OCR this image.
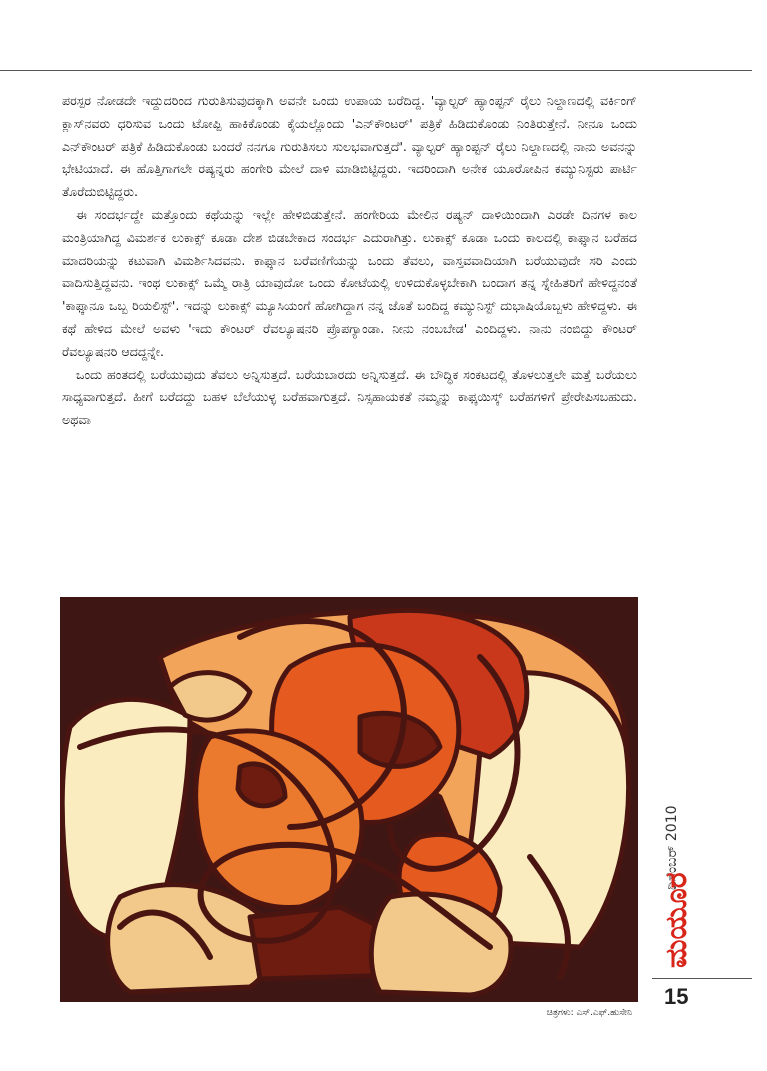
ಪರಸ್ಪರ ನೋಡದೇ ಇದ್ದುದರಿಂದ ಗುರುತಿಸುವುದಕ್ಕಾಗಿ ಅವನೇ ಒಂದು ಉಪಾಯ ಬರೆದಿದ್ದ. 'ವ್ಯಾಲ್ಟರ್ ಹ್ಯಾಂಪ್ಟನ್ ರೈಲು ನಿಲ್ದಾಣದಲ್ಲಿ ವರ್ಕಿಂಗ್ ಕ್ಲಾಸ್‌ನವರು ಧರಿಸುವ ಒಂದು ಟೋಪ್ಪಿ ಹಾಕಿಕೊಂಡು ಕೈಯಲ್ಲೊಂದು 'ಎನ್‌ಕೌಂಟರ್' ಪತ್ರಿಕೆ ಹಿಡಿದುಕೊಂಡು ನಿಂತಿರುತ್ತೇನೆ. ನೀನೂ ಒಂದು ಎನ್‌ಕೌಂಟರ್ ಪತ್ರಿಕೆ ಹಿಡಿದುಕೊಂಡು ಬಂದರೆ ನನಗೂ ಗುರುತಿಸಲು ಸುಲಭವಾಗುತ್ತದೆ'. ವ್ಯಾಲ್ಟರ್ ಹ್ಯಾಂಪ್ಟನ್ ರೈಲು ನಿಲ್ದಾಣದಲ್ಲಿ ನಾನು ಅವನನ್ನು ಭೇಟಿಯಾದೆ. ಈ ಹೊತ್ತಿಗಾಗಲೇ ರಷ್ಯನ್ನರು ಹಂಗೇರಿ ಮೇಲೆ ದಾಳಿ ಮಾಡಿಬಿಟ್ಟಿದ್ದರು. ಇದರಿಂದಾಗಿ ಅನೇಕ ಯೂರೋಪಿನ ಕಮ್ಯುನಿಸ್ಟರು ಪಾರ್ಟಿ ತೊರೆದುಬಿಟ್ಟಿದ್ದರು.

ಈ ಸಂದರ್ಭದ್ದೇ ಮತ್ತೊಂದು ಕಥೆಯನ್ನು ಇಲ್ಲೇ ಹೇಳಿಬಿಡುತ್ತೇನೆ. ಹಂಗೇರಿಯ ಮೇಲಿನ ರಷ್ಯನ್ ದಾಳಿಯಿಂದಾಗಿ ಎರಡೇ ದಿನಗಳ ಕಾಲ ಮಂತ್ರಿಯಾಗಿದ್ದ ವಿಮರ್ಶಕ ಲುಕಾಕ್ಸ್ ಕೂಡಾ ದೇಶ ಬಿಡಬೇಕಾದ ಸಂದರ್ಭ ಎದುರಾಗಿತ್ತು. ಲುಕಾಕ್ಸ್ ಕೂಡಾ ಒಂದು ಕಾಲದಲ್ಲಿ ಕಾಫ್ಕಾನ ಬರೆಹದ ಮಾದರಿಯನ್ನು ಕಟುವಾಗಿ ವಿಮರ್ಶಿಸಿದವನು. ಕಾಫ್ಕಾನ ಬರೆವಣಿಗೆಯನ್ನು ಒಂದು ತೆವಲು, ವಾಸ್ತವವಾದಿಯಾಗಿ ಬರೆಯುವುದೇ ಸರಿ ಎಂದು ವಾದಿಸುತ್ತಿದ್ದವನು. ಇಂಥ ಲುಕಾಕ್ಸ್ ಒಮ್ಮೆ ರಾತ್ರಿ ಯಾವುದೋ ಒಂದು ಕೋಟೆಯಲ್ಲಿ ಉಳಿದುಕೊಳ್ಳಬೇಕಾಗಿ ಬಂದಾಗ ತನ್ನ ಸ್ನೇಹಿತರಿಗೆ ಹೇಳಿದ್ದನಂತೆ 'ಕಾಫ್ಕಾನೂ ಒಬ್ಬ ರಿಯಲಿಸ್ಟ್'. ಇದನ್ನು ಲುಕಾಕ್ಸ್ ಮ್ಯೂಸಿಯಂಗೆ ಹೋಗಿದ್ದಾಗ ನನ್ನ ಜೊತೆ ಬಂದಿದ್ದ ಕಮ್ಯುನಿಸ್ಟ್ ದುಭಾಷಿಯೊಬ್ಬಳು ಹೇಳಿದ್ದಳು. ಈ ಕಥೆ ಹೇಳಿದ ಮೇಲೆ ಅವಳು 'ಇದು ಕೌಂಟರ್ ರೆವಲ್ಯೂಷನರಿ ಪ್ರೊಪಗ್ಯಾಂಡಾ. ನೀನು ನಂಬಬೇಡ' ಎಂದಿದ್ದಳು. ನಾನು ನಂಬಿದ್ದು ಕೌಂಟರ್ ರೆವಲ್ಯೂಷನರಿ ಆದದ್ದನ್ನೇ.

ಒಂದು ಹಂತದಲ್ಲಿ ಬರೆಯುವುದು ತೆವಲು ಅನ್ನಿಸುತ್ತದೆ. ಬರೆಯಬಾರದು ಅನ್ನಿಸುತ್ತದೆ. ಈ ಬೌದ್ಧಿಕ ಸಂಕಟದಲ್ಲಿ ತೊಳಲುತ್ತಲೇ ಮತ್ತೆ ಬರೆಯಲು ಸಾಧ್ಯವಾಗುತ್ತದೆ. ಹೀಗೆ ಬರೆದದ್ದು ಬಹಳ ಬೆಲೆಯುಳ್ಳ ಬರೆಹವಾಗುತ್ತದೆ. ನಿಸ್ಸಹಾಯಕತೆ ನಮ್ಮನ್ನು ಕಾಫ್ಕಯಿಸ್ಕ್ ಬರೆಹಗಳಿಗೆ ಪ್ರೇರೇಪಿಸಬಹುದು. ಅಥವಾ

ಚಿತ್ರಗಳು: ಎಸ್.ಎಫ್.ಹುಸೇನಿ
ಡಿಸೆಂಬರ್ 2010
ಮಯೂರ
15
